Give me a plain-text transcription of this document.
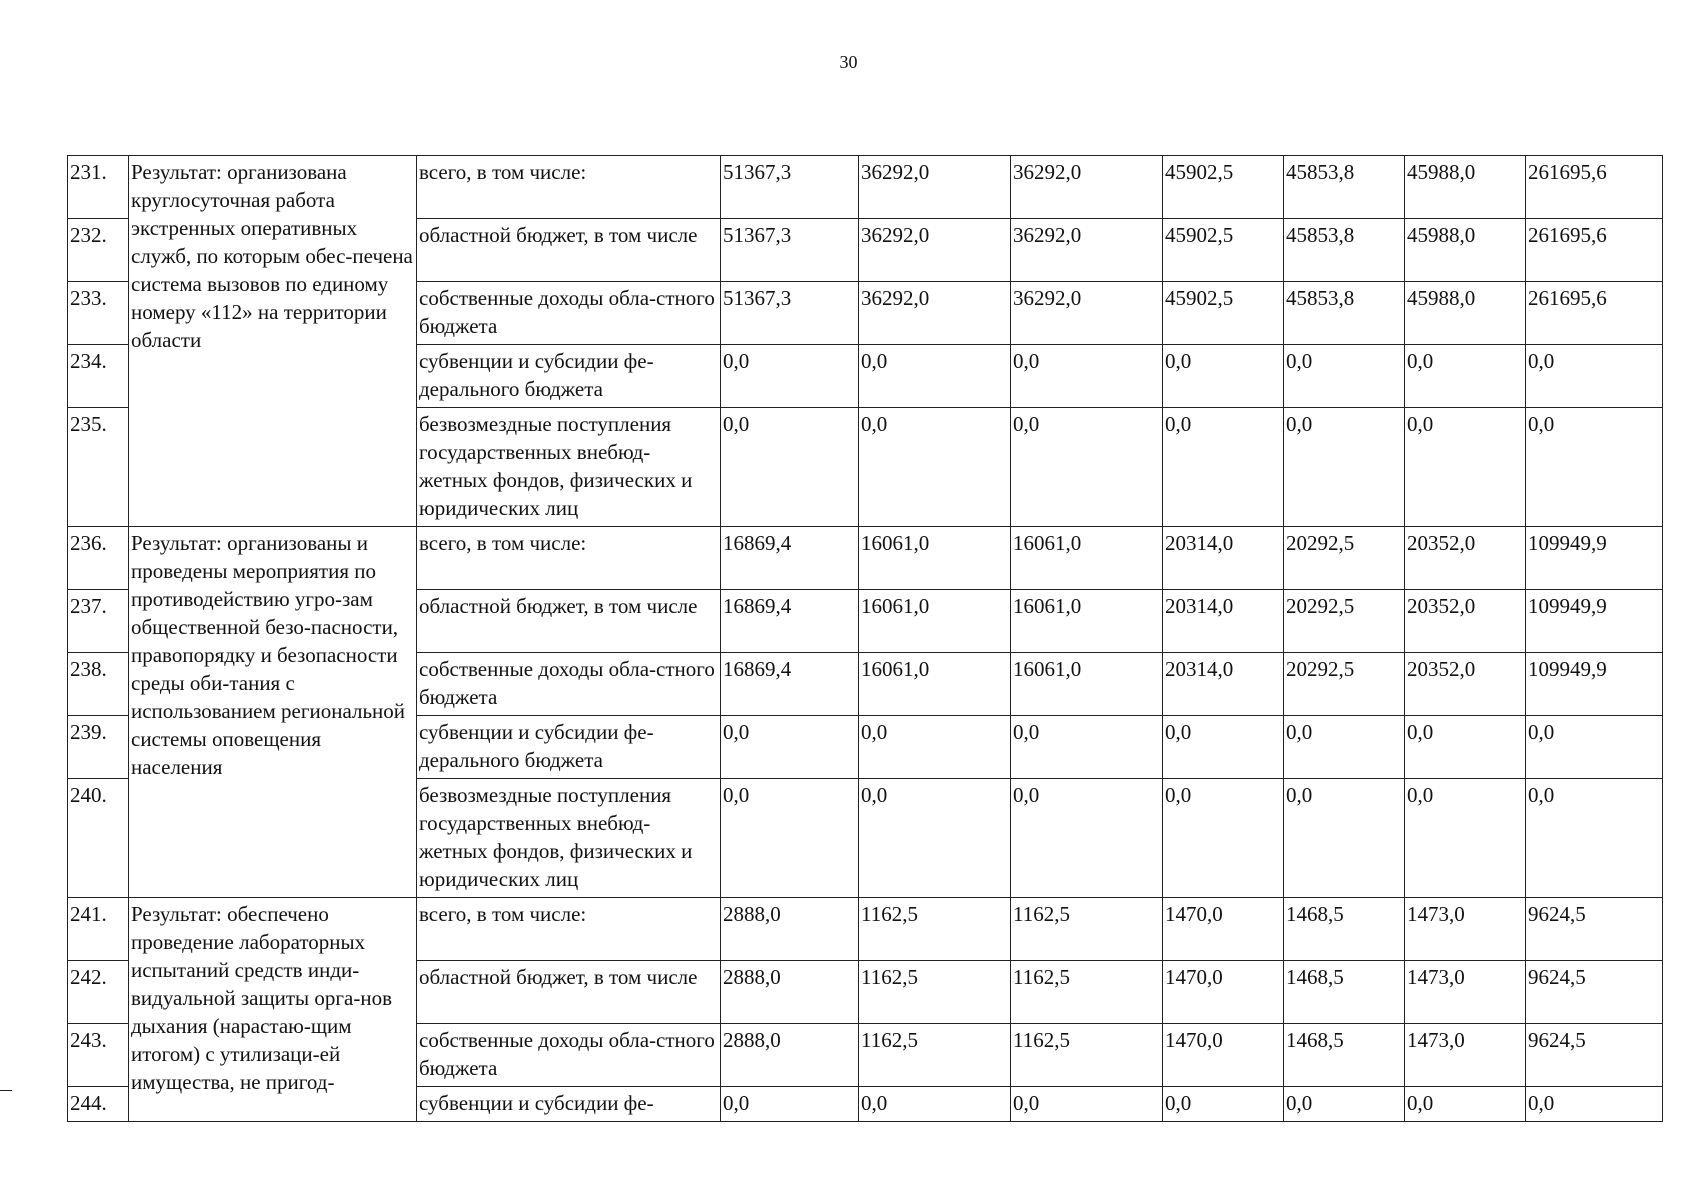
30
231.	Результат: организована круглосуточная работа экстренных оперативных служб, по которым обес-печена система вызовов по единому номеру «112» на территории области	всего, в том числе:	51367,3	36292,0	36292,0	45902,5	45853,8	45988,0	261695,6
232.		областной бюджет, в том числе	51367,3	36292,0	36292,0	45902,5	45853,8	45988,0	261695,6
233.		собственные доходы обла-стного бюджета	51367,3	36292,0	36292,0	45902,5	45853,8	45988,0	261695,6
234.		субвенции и субсидии фе-дерального бюджета	0,0	0,0	0,0	0,0	0,0	0,0	0,0
235.		безвозмездные поступления государственных внебюд-жетных фондов, физических и юридических лиц	0,0	0,0	0,0	0,0	0,0	0,0	0,0
236.	Результат: организованы и проведены мероприятия по противодействию угро-зам общественной безо-пасности, правопорядку и безопасности среды оби-тания с использованием региональной системы оповещения населения	всего, в том числе:	16869,4	16061,0	16061,0	20314,0	20292,5	20352,0	109949,9
237.		областной бюджет, в том числе	16869,4	16061,0	16061,0	20314,0	20292,5	20352,0	109949,9
238.		собственные доходы обла-стного бюджета	16869,4	16061,0	16061,0	20314,0	20292,5	20352,0	109949,9
239.		субвенции и субсидии фе-дерального бюджета	0,0	0,0	0,0	0,0	0,0	0,0	0,0
240.		безвозмездные поступления государственных внебюд-жетных фондов, физических и юридических лиц	0,0	0,0	0,0	0,0	0,0	0,0	0,0
241.	Результат: обеспечено проведение лабораторных испытаний средств инди-видуальной защиты орга-нов дыхания (нарастаю-щим итогом) с утилизаци-ей имущества, не пригод-	всего, в том числе:	2888,0	1162,5	1162,5	1470,0	1468,5	1473,0	9624,5
242.		областной бюджет, в том числе	2888,0	1162,5	1162,5	1470,0	1468,5	1473,0	9624,5
243.		собственные доходы обла-стного бюджета	2888,0	1162,5	1162,5	1470,0	1468,5	1473,0	9624,5
244.		субвенции и субсидии фе-	0,0	0,0	0,0	0,0	0,0	0,0	0,0
